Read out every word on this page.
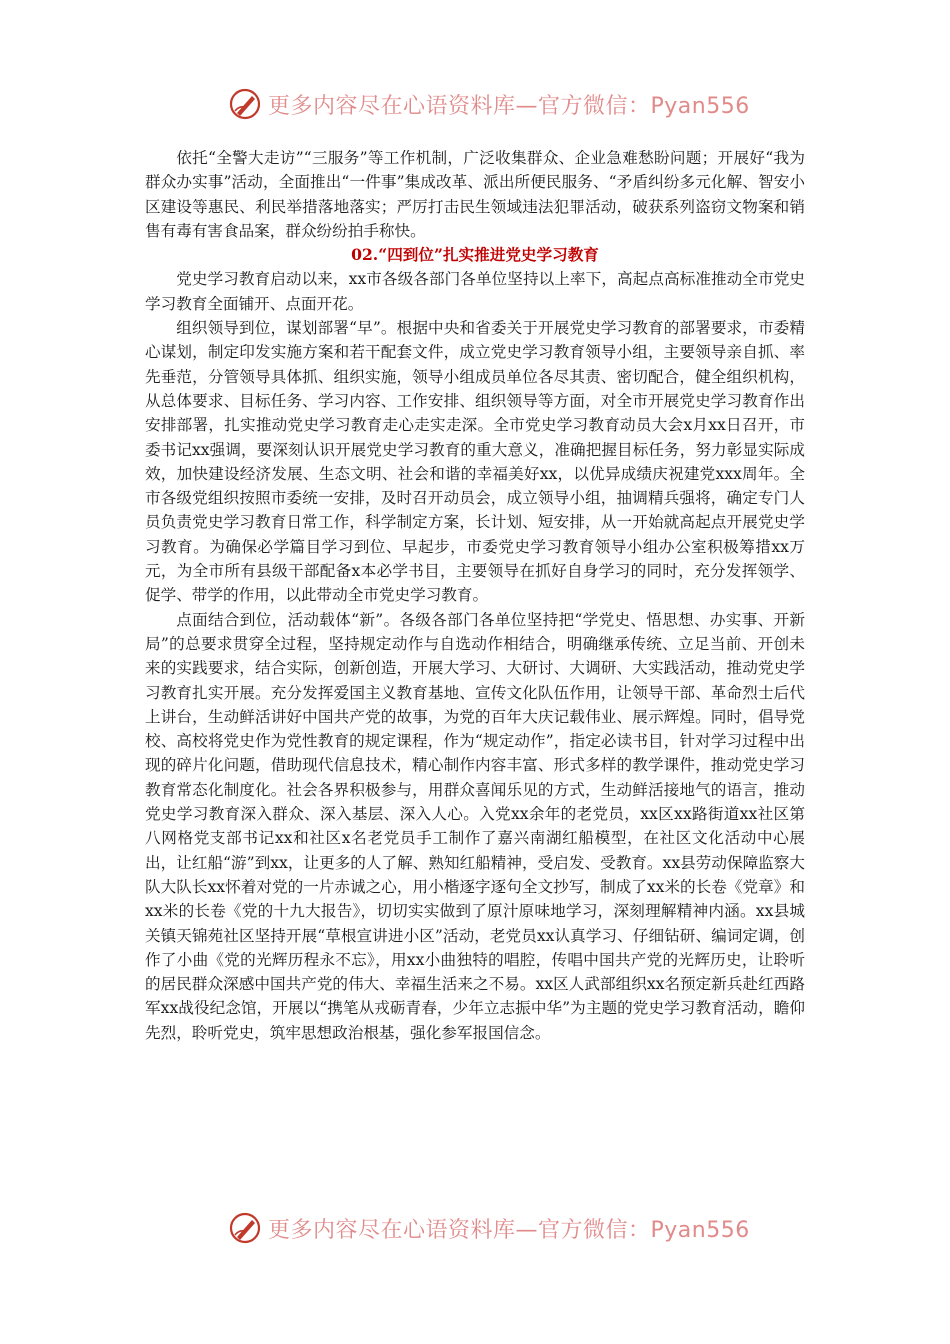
更多内容尽在心语资料库—官方微信：Pyan556

依托“全警大走访”“三服务”等工作机制，广泛收集群众、企业急难愁盼问题；开展好“我为群众办实事”活动，全面推出“一件事”集成改革、派出所便民服务、“矛盾纠纷多元化解、智安小区建设等惠民、利民举措落地落实；严厉打击民生领域违法犯罪活动，破获系列盗窃文物案和销售有毒有害食品案，群众纷纷拍手称快。

02.“四到位”扎实推进党史学习教育

党史学习教育启动以来，xx市各级各部门各单位坚持以上率下，高起点高标准推动全市党史学习教育全面铺开、点面开花。

组织领导到位，谋划部署“早”。根据中央和省委关于开展党史学习教育的部署要求，市委精心谋划，制定印发实施方案和若干配套文件，成立党史学习教育领导小组，主要领导亲自抓、率先垂范，分管领导具体抓、组织实施，领导小组成员单位各尽其责、密切配合，健全组织机构，从总体要求、目标任务、学习内容、工作安排、组织领导等方面，对全市开展党史学习教育作出安排部署，扎实推动党史学习教育走心走实走深。全市党史学习教育动员大会x月xx日召开，市委书记xx强调，要深刻认识开展党史学习教育的重大意义，准确把握目标任务，努力彰显实际成效，加快建设经济发展、生态文明、社会和谐的幸福美好xx，以优异成绩庆祝建党xxx周年。全市各级党组织按照市委统一安排，及时召开动员会，成立领导小组，抽调精兵强将，确定专门人员负责党史学习教育日常工作，科学制定方案，长计划、短安排，从一开始就高起点开展党史学习教育。为确保必学篇目学习到位、早起步，市委党史学习教育领导小组办公室积极筹措xx万元，为全市所有县级干部配备x本必学书目，主要领导在抓好自身学习的同时，充分发挥领学、促学、带学的作用，以此带动全市党史学习教育。

点面结合到位，活动载体“新”。各级各部门各单位坚持把“学党史、悟思想、办实事、开新局”的总要求贯穿全过程，坚持规定动作与自选动作相结合，明确继承传统、立足当前、开创未来的实践要求，结合实际，创新创造，开展大学习、大研讨、大调研、大实践活动，推动党史学习教育扎实开展。充分发挥爱国主义教育基地、宣传文化队伍作用，让领导干部、革命烈士后代上讲台，生动鲜活讲好中国共产党的故事，为党的百年大庆记载伟业、展示辉煌。同时，倡导党校、高校将党史作为党性教育的规定课程，作为“规定动作”，指定必读书目，针对学习过程中出现的碎片化问题，借助现代信息技术，精心制作内容丰富、形式多样的教学课件，推动党史学习教育常态化制度化。社会各界积极参与，用群众喜闻乐见的方式，生动鲜活接地气的语言，推动党史学习教育深入群众、深入基层、深入人心。入党xx余年的老党员，xx区xx路街道xx社区第八网格党支部书记xx和社区x名老党员手工制作了嘉兴南湖红船模型，在社区文化活动中心展出，让红船“游”到xx，让更多的人了解、熟知红船精神，受启发、受教育。xx县劳动保障监察大队大队长xx怀着对党的一片赤诚之心，用小楷逐字逐句全文抄写，制成了xx米的长卷《党章》和xx米的长卷《党的十九大报告》，切切实实做到了原汁原味地学习，深刻理解精神内涵。xx县城关镇天锦苑社区坚持开展“草根宣讲进小区”活动，老党员xx认真学习、仔细钻研、编词定调，创作了小曲《党的光辉历程永不忘》，用xx小曲独特的唱腔，传唱中国共产党的光辉历史，让聆听的居民群众深感中国共产党的伟大、幸福生活来之不易。xx区人武部组织xx名预定新兵赴红西路军xx战役纪念馆，开展以“携笔从戎砺青春，少年立志振中华”为主题的党史学习教育活动，瞻仰先烈，聆听党史，筑牢思想政治根基，强化参军报国信念。

更多内容尽在心语资料库—官方微信：Pyan556
